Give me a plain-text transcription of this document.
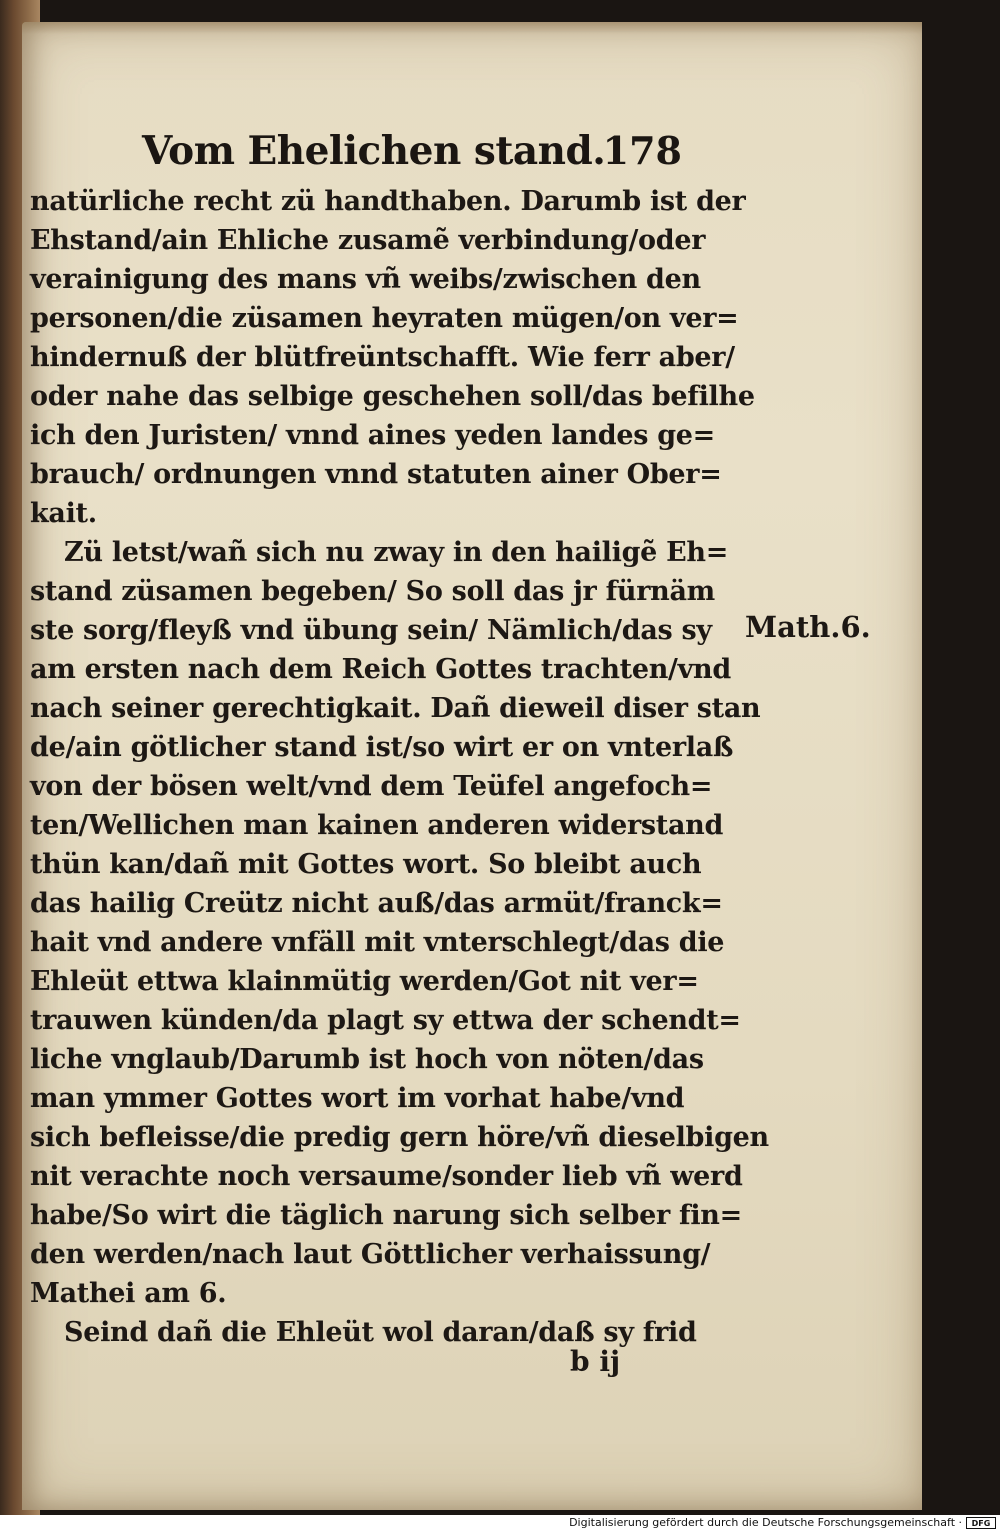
Vom Ehelichen stand.
178
natürliche recht zü handthaben. Darumb ist der
Ehstand/ain Ehliche zusamẽ verbindung/oder
verainigung des mans vñ weibs/zwischen den
personen/die züsamen heyraten mügen/on ver=
hindernuß der blütfreüntschafft. Wie ferr aber/
oder nahe das selbige geschehen soll/das befilhe
ich den Juristen/ vnnd aines yeden landes ge=
brauch/ ordnungen vnnd statuten ainer Ober=
kait.
Zü letst/wañ sich nu zway in den hailigẽ Eh=
stand züsamen begeben/ So soll das jr fürnäm
ste sorg/fleyß vnd übung sein/ Nämlich/das sy
am ersten nach dem Reich Gottes trachten/vnd
nach seiner gerechtigkait. Dañ dieweil diser stan
de/ain götlicher stand ist/so wirt er on vnterlaß
von der bösen welt/vnd dem Teüfel angefoch=
ten/Wellichen man kainen anderen widerstand
thün kan/dañ mit Gottes wort. So bleibt auch
das hailig Creütz nicht auß/das armüt/franck=
hait vnd andere vnfäll mit vnterschlegt/das die
Ehleüt ettwa klainmütig werden/Got nit ver=
trauwen künden/da plagt sy ettwa der schendt=
liche vnglaub/Darumb ist hoch von nöten/das
man ymmer Gottes wort im vorhat habe/vnd
sich befleisse/die predig gern höre/vñ dieselbigen
nit verachte noch versaume/sonder lieb vñ werd
habe/So wirt die täglich narung sich selber fin=
den werden/nach laut Göttlicher verhaissung/
Mathei am 6.
Seind dañ die Ehleüt wol daran/daß sy frid
Math.6.
b ij
Digitalisierung gefördert durch die Deutsche Forschungsgemeinschaft ·	DFG
